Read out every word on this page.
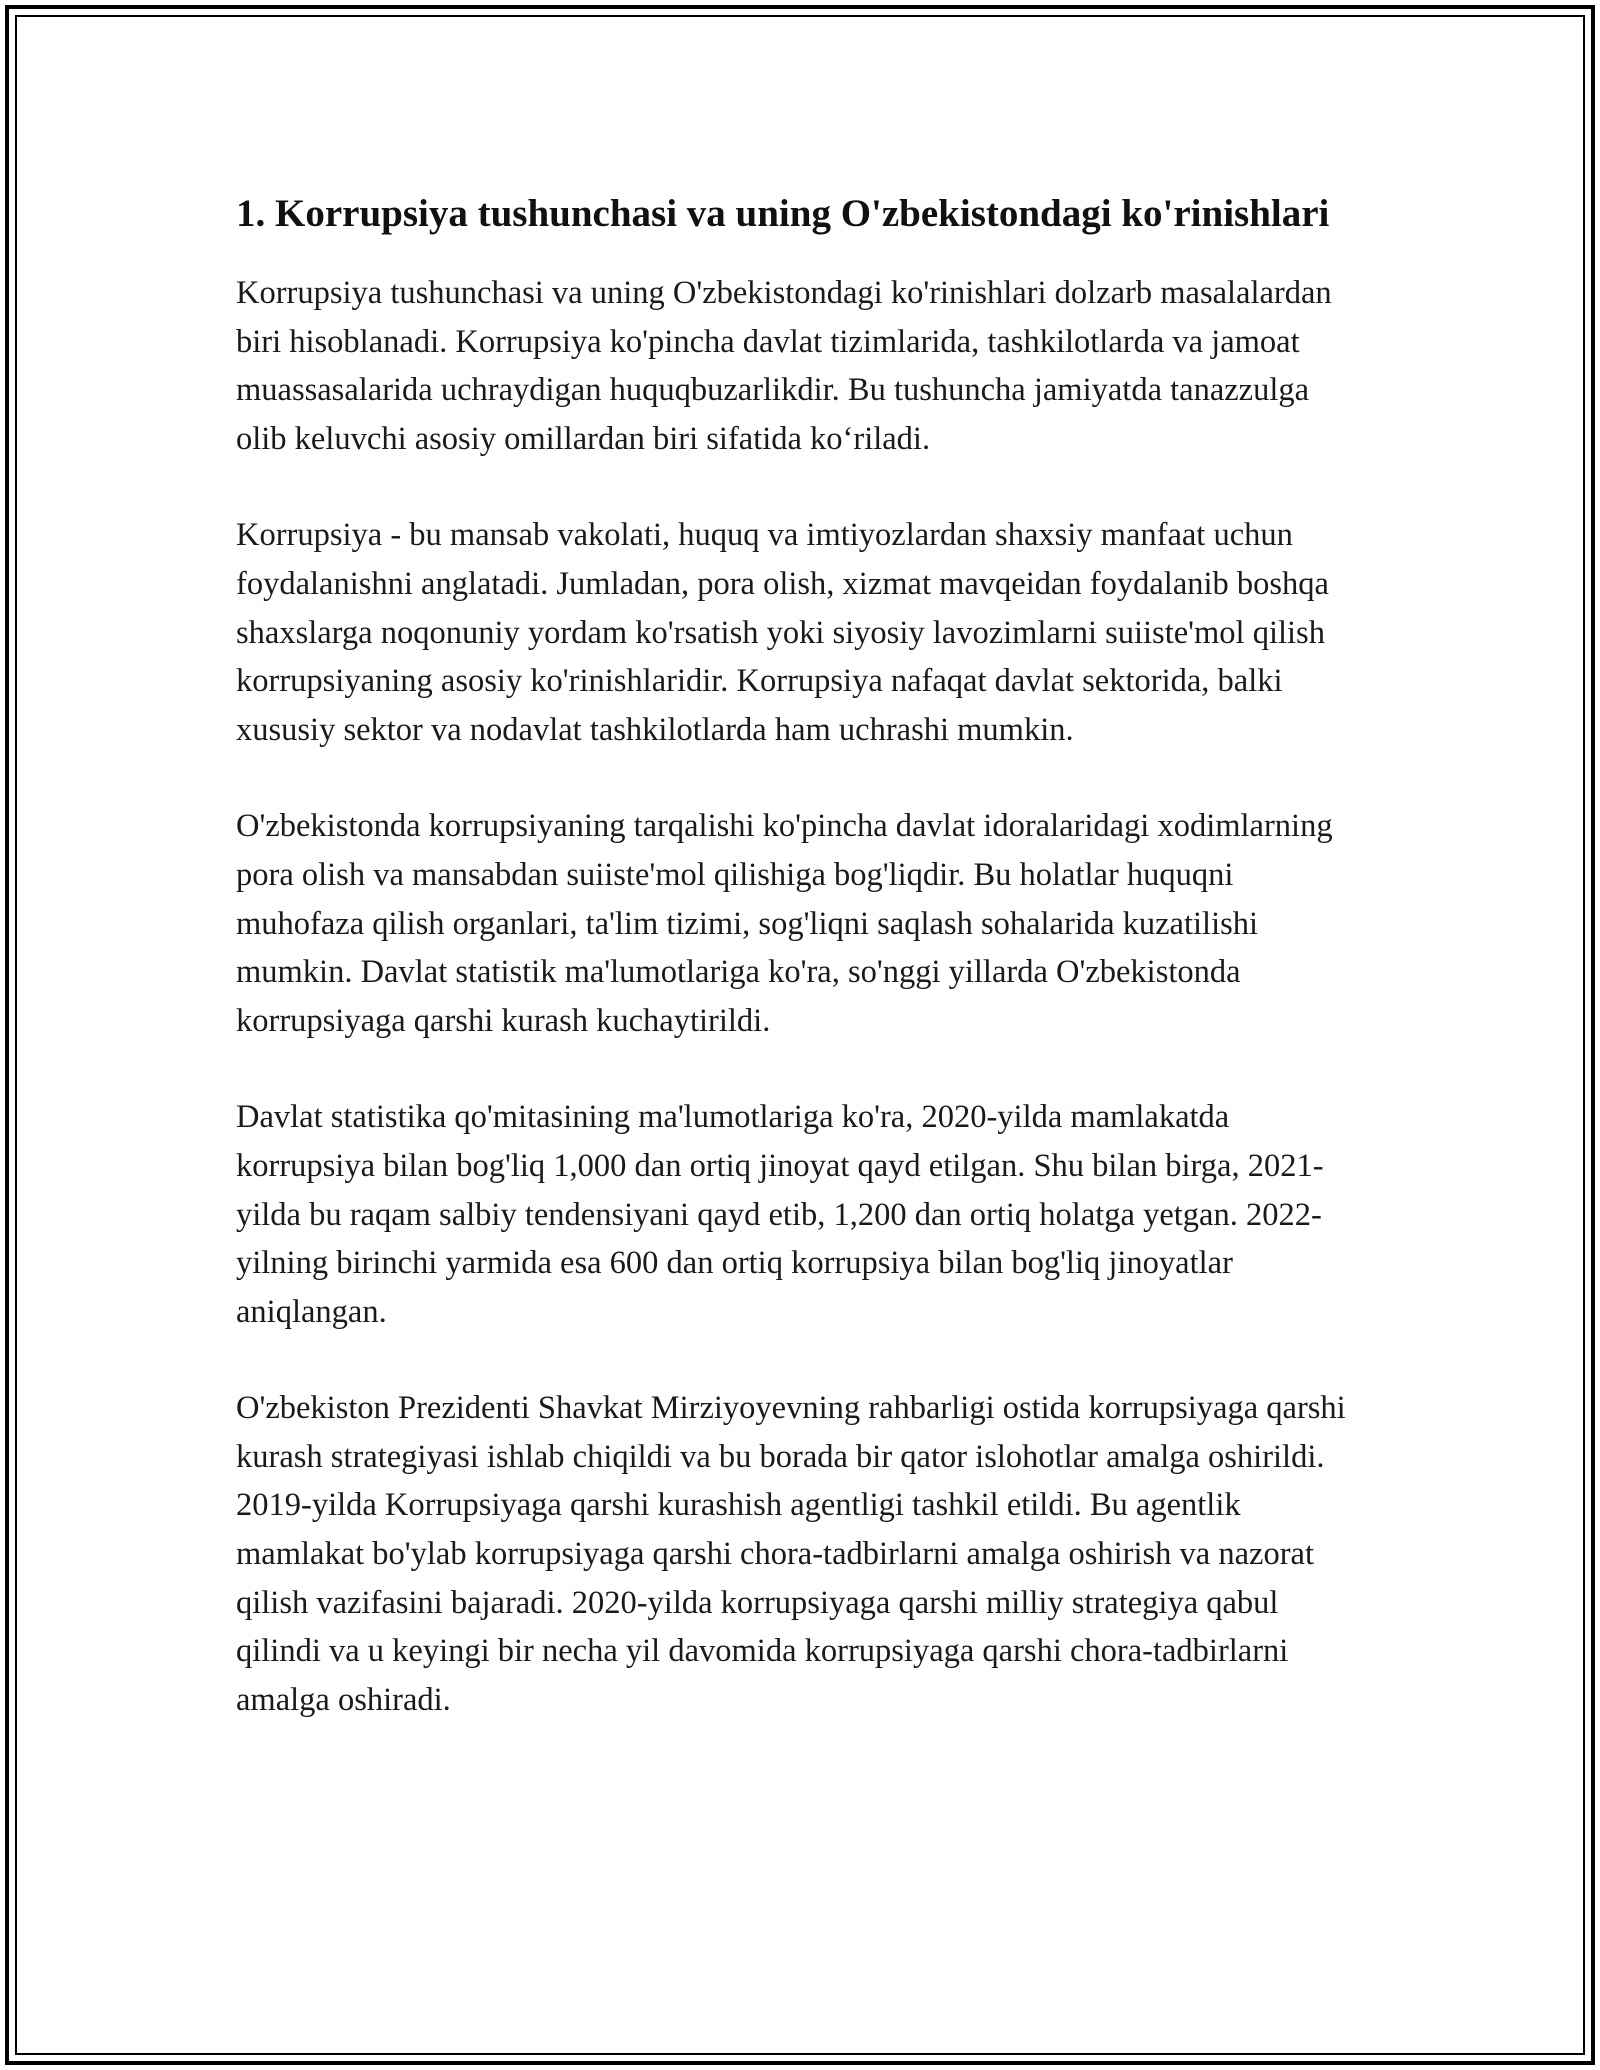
1. Korrupsiya tushunchasi va uning O'zbekistondagi ko'rinishlari

Korrupsiya tushunchasi va uning O'zbekistondagi ko'rinishlari dolzarb masalalardan biri hisoblanadi. Korrupsiya ko'pincha davlat tizimlarida, tashkilotlarda va jamoat muassasalarida uchraydigan huquqbuzarlikdir. Bu tushuncha jamiyatda tanazzulga olib keluvchi asosiy omillardan biri sifatida ko‘riladi.

Korrupsiya - bu mansab vakolati, huquq va imtiyozlardan shaxsiy manfaat uchun foydalanishni anglatadi. Jumladan, pora olish, xizmat mavqeidan foydalanib boshqa shaxslarga noqonuniy yordam ko'rsatish yoki siyosiy lavozimlarni suiiste'mol qilish korrupsiyaning asosiy ko'rinishlaridir. Korrupsiya nafaqat davlat sektorida, balki xususiy sektor va nodavlat tashkilotlarda ham uchrashi mumkin.

O'zbekistonda korrupsiyaning tarqalishi ko'pincha davlat idoralaridagi xodimlarning pora olish va mansabdan suiiste'mol qilishiga bog'liqdir. Bu holatlar huquqni muhofaza qilish organlari, ta'lim tizimi, sog'liqni saqlash sohalarida kuzatilishi mumkin. Davlat statistik ma'lumotlariga ko'ra, so'nggi yillarda O'zbekistonda korrupsiyaga qarshi kurash kuchaytirildi.

Davlat statistika qo'mitasining ma'lumotlariga ko'ra, 2020-yilda mamlakatda korrupsiya bilan bog'liq 1,000 dan ortiq jinoyat qayd etilgan. Shu bilan birga, 2021-yilda bu raqam salbiy tendensiyani qayd etib, 1,200 dan ortiq holatga yetgan. 2022-yilning birinchi yarmida esa 600 dan ortiq korrupsiya bilan bog'liq jinoyatlar aniqlangan.

O'zbekiston Prezidenti Shavkat Mirziyoyevning rahbarligi ostida korrupsiyaga qarshi kurash strategiyasi ishlab chiqildi va bu borada bir qator islohotlar amalga oshirildi. 2019-yilda Korrupsiyaga qarshi kurashish agentligi tashkil etildi. Bu agentlik mamlakat bo'ylab korrupsiyaga qarshi chora-tadbirlarni amalga oshirish va nazorat qilish vazifasini bajaradi. 2020-yilda korrupsiyaga qarshi milliy strategiya qabul qilindi va u keyingi bir necha yil davomida korrupsiyaga qarshi chora-tadbirlarni amalga oshiradi.
